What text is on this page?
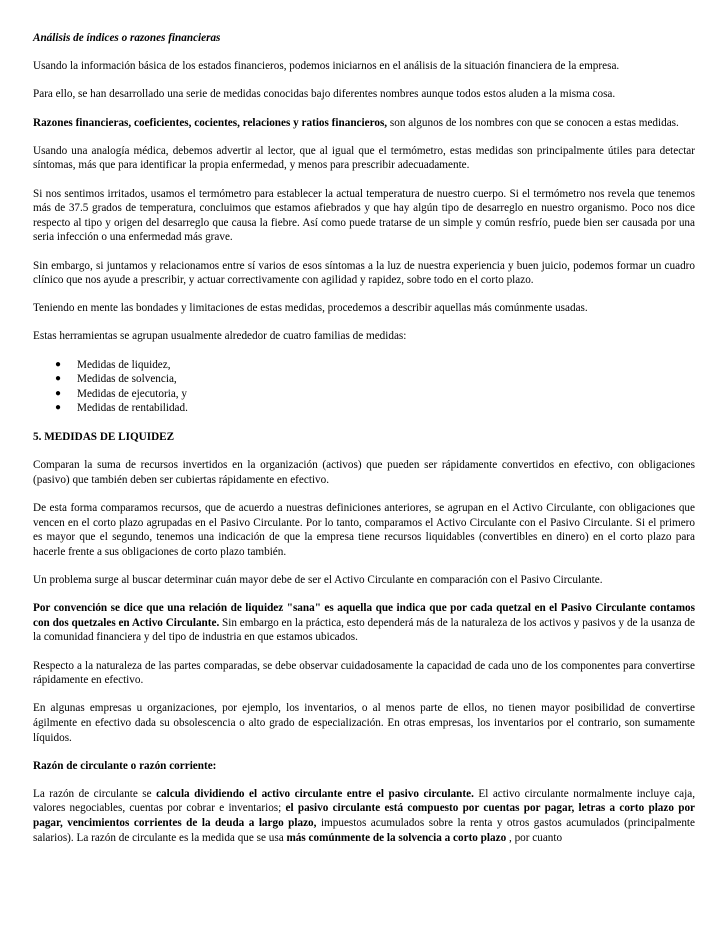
Análisis de índices o razones financieras

Usando la información básica de los estados financieros, podemos iniciarnos en el análisis de la situación financiera de la empresa.

Para ello, se han desarrollado una serie de medidas conocidas bajo diferentes nombres aunque todos estos aluden a la misma cosa.

Razones financieras, coeficientes, cocientes, relaciones y ratios financieros, son algunos de los nombres con que se conocen a estas medidas.

Usando una analogía médica, debemos advertir al lector, que al igual que el termómetro, estas medidas son principalmente útiles para detectar síntomas, más que para identificar la propia enfermedad, y menos para prescribir adecuadamente.

Si nos sentimos irritados, usamos el termómetro para establecer la actual temperatura de nuestro cuerpo. Si el termómetro nos revela que tenemos más de 37.5 grados de temperatura, concluimos que estamos afiebrados y que hay algún tipo de desarreglo en nuestro organismo. Poco nos dice respecto al tipo y origen del desarreglo que causa la fiebre. Así como puede tratarse de un simple y común resfrío, puede bien ser causada por una seria infección o una enfermedad más grave.

Sin embargo, si juntamos y relacionamos entre sí varios de esos síntomas a la luz de nuestra experiencia y buen juicio, podemos formar un cuadro clínico que nos ayude a prescribir, y actuar correctivamente con agilidad y rapidez, sobre todo en el corto plazo.

Teniendo en mente las bondades y limitaciones de estas medidas, procedemos a describir aquellas más comúnmente usadas.

Estas herramientas se agrupan usualmente alrededor de cuatro familias de medidas:

● Medidas de liquidez,
● Medidas de solvencia,
● Medidas de ejecutoria, y
● Medidas de rentabilidad.

5. MEDIDAS DE LIQUIDEZ

Comparan la suma de recursos invertidos en la organización (activos) que pueden ser rápidamente convertidos en efectivo, con obligaciones (pasivo) que también deben ser cubiertas rápidamente en efectivo.

De esta forma comparamos recursos, que de acuerdo a nuestras definiciones anteriores, se agrupan en el Activo Circulante, con obligaciones que vencen en el corto plazo agrupadas en el Pasivo Circulante. Por lo tanto, comparamos el Activo Circulante con el Pasivo Circulante. Si el primero es mayor que el segundo, tenemos una indicación de que la empresa tiene recursos liquidables (convertibles en dinero) en el corto plazo para hacerle frente a sus obligaciones de corto plazo también.

Un problema surge al buscar determinar cuán mayor debe de ser el Activo Circulante en comparación con el Pasivo Circulante.

Por convención se dice que una relación de liquidez "sana" es aquella que indica que por cada quetzal en el Pasivo Circulante contamos con dos quetzales en Activo Circulante. Sin embargo en la práctica, esto dependerá más de la naturaleza de los activos y pasivos y de la usanza de la comunidad financiera y del tipo de industria en que estamos ubicados.

Respecto a la naturaleza de las partes comparadas, se debe observar cuidadosamente la capacidad de cada uno de los componentes para convertirse rápidamente en efectivo.

En algunas empresas u organizaciones, por ejemplo, los inventarios, o al menos parte de ellos, no tienen mayor posibilidad de convertirse ágilmente en efectivo dada su obsolescencia o alto grado de especialización. En otras empresas, los inventarios por el contrario, son sumamente líquidos.

Razón de circulante o razón corriente:

La razón de circulante se calcula dividiendo el activo circulante entre el pasivo circulante. El activo circulante normalmente incluye caja, valores negociables, cuentas por cobrar e inventarios; el pasivo circulante está compuesto por cuentas por pagar, letras a corto plazo por pagar, vencimientos corrientes de la deuda a largo plazo, impuestos acumulados sobre la renta y otros gastos acumulados (principalmente salarios). La razón de circulante es la medida que se usa más comúnmente de la solvencia a corto plazo , por cuanto
